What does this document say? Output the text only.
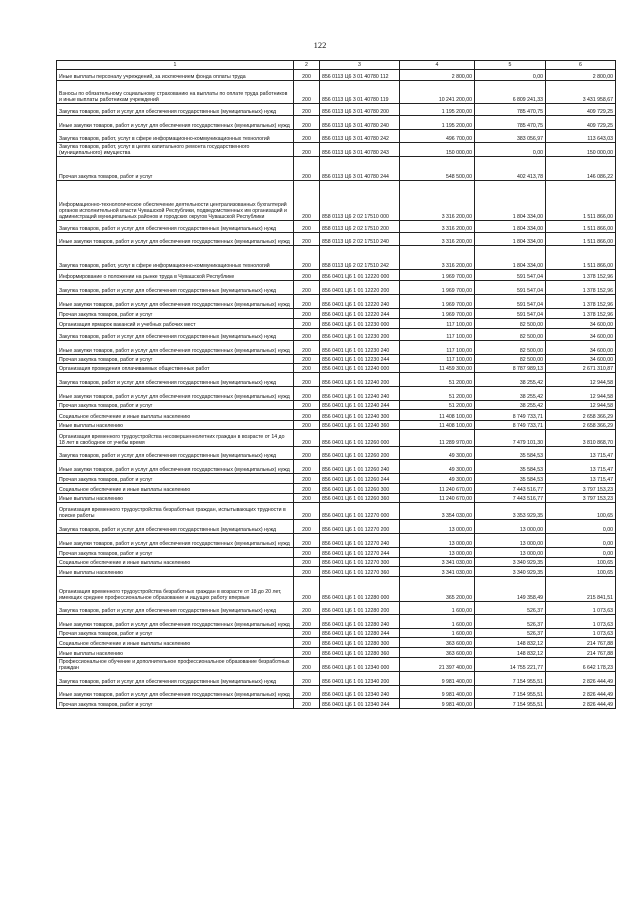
122
1	2	3	4	5	6
Иные выплаты персоналу учреждений, за исключением фонда оплаты труда	200	856 0113 Ц6 3 01 40780 112	2 800,00	0,00	2 800,00
Взносы по обязательному социальному страхованию на выплаты по оплате труда работников и иные выплаты работникам учреждений	200	856 0113 Ц6 3 01 40780 119	10 241 200,00	6 809 241,33	3 431 958,67
Закупка товаров, работ и услуг для обеспечения государственных (муниципальных) нужд	200	856 0113 Ц6 3 01 40780 200	1 195 200,00	785 470,75	409 729,25
Иные закупки товаров, работ и услуг для обеспечения государственных (муниципальных) нужд	200	856 0113 Ц6 3 01 40780 240	1 195 200,00	785 470,75	409 729,25
Закупка товаров, работ, услуг в сфере информационно-коммуникационных технологий	200	856 0113 Ц6 3 01 40780 242	496 700,00	383 056,97	113 643,03
Закупка товаров, работ, услуг в целях капитального ремонта государственного (муниципального) имущества	200	856 0113 Ц6 3 01 40780 243	150 000,00	0,00	150 000,00
Прочая закупка товаров, работ и услуг	200	856 0113 Ц6 3 01 40780 244	548 500,00	402 413,78	146 086,22
Информационно-технологическое обеспечение деятельности централизованных бухгалтерий органов исполнительной власти Чувашской Республики, подведомственных им организаций и администраций муниципальных районов и городских округов Чувашской Республики	200	858 0113 Ц6 2 02 17510 000	3 316 200,00	1 804 334,00	1 511 866,00
Закупка товаров, работ и услуг для обеспечения государственных (муниципальных) нужд	200	858 0113 Ц6 2 02 17510 200	3 316 200,00	1 804 334,00	1 511 866,00
Иные закупки товаров, работ и услуг для обеспечения государственных (муниципальных) нужд	200	858 0113 Ц6 2 02 17510 240	3 316 200,00	1 804 334,00	1 511 866,00
Закупка товаров, работ, услуг в сфере информационно-коммуникационных технологий	200	858 0113 Ц6 2 02 17510 242	3 316 200,00	1 804 334,00	1 511 866,00
Информирование о положении на рынке труда в Чувашской Республике	200	856 0401 Ц6 1 01 12220 000	1 969 700,00	591 547,04	1 378 152,96
Закупка товаров, работ и услуг для обеспечения государственных (муниципальных) нужд	200	856 0401 Ц6 1 01 12220 200	1 969 700,00	591 547,04	1 378 152,96
Иные закупки товаров, работ и услуг для обеспечения государственных (муниципальных) нужд	200	856 0401 Ц6 1 01 12220 240	1 969 700,00	591 547,04	1 378 152,96
Прочая закупка товаров, работ и услуг	200	856 0401 Ц6 1 01 12220 244	1 969 700,00	591 547,04	1 378 152,96
Организация ярмарок вакансий и учебных рабочих мест	200	856 0401 Ц6 1 01 12230 000	117 100,00	82 500,00	34 600,00
Закупка товаров, работ и услуг для обеспечения государственных (муниципальных) нужд	200	856 0401 Ц6 1 01 12230 200	117 100,00	82 500,00	34 600,00
Иные закупки товаров, работ и услуг для обеспечения государственных (муниципальных) нужд	200	856 0401 Ц6 1 01 12230 240	117 100,00	82 500,00	34 600,00
Прочая закупка товаров, работ и услуг	200	856 0401 Ц6 1 01 12230 244	117 100,00	82 500,00	34 600,00
Организация проведения оплачиваемых общественных работ	200	856 0401 Ц6 1 01 12240 000	11 459 300,00	8 787 989,13	2 671 310,87
Закупка товаров, работ и услуг для обеспечения государственных (муниципальных) нужд	200	856 0401 Ц6 1 01 12240 200	51 200,00	38 255,42	12 944,58
Иные закупки товаров, работ и услуг для обеспечения государственных (муниципальных) нужд	200	856 0401 Ц6 1 01 12240 240	51 200,00	38 255,42	12 944,58
Прочая закупка товаров, работ и услуг	200	856 0401 Ц6 1 01 12240 244	51 200,00	38 255,42	12 944,58
Социальное обеспечение и иные выплаты населению	200	856 0401 Ц6 1 01 12240 300	11 408 100,00	8 749 733,71	2 658 366,29
Иные выплаты населению	200	856 0401 Ц6 1 01 12240 360	11 408 100,00	8 749 733,71	2 658 366,29
Организация временного трудоустройства несовершеннолетних граждан в возрасте от 14 до 18 лет в свободное от учебы время	200	856 0401 Ц6 1 01 12260 000	11 289 970,00	7 479 101,30	3 810 868,70
Закупка товаров, работ и услуг для обеспечения государственных (муниципальных) нужд	200	856 0401 Ц6 1 01 12260 200	49 300,00	35 584,53	13 715,47
Иные закупки товаров, работ и услуг для обеспечения государственных (муниципальных) нужд	200	856 0401 Ц6 1 01 12260 240	49 300,00	35 584,53	13 715,47
Прочая закупка товаров, работ и услуг	200	856 0401 Ц6 1 01 12260 244	49 300,00	35 584,53	13 715,47
Социальное обеспечение и иные выплаты населению	200	856 0401 Ц6 1 01 12260 300	11 240 670,00	7 443 516,77	3 797 153,23
Иные выплаты населению	200	856 0401 Ц6 1 01 12260 360	11 240 670,00	7 443 516,77	3 797 153,23
Организация временного трудоустройства безработных граждан, испытывающих трудности в поиске работы	200	856 0401 Ц6 1 01 12270 000	3 354 030,00	3 353 929,35	100,65
Закупка товаров, работ и услуг для обеспечения государственных (муниципальных) нужд	200	856 0401 Ц6 1 01 12270 200	13 000,00	13 000,00	0,00
Иные закупки товаров, работ и услуг для обеспечения государственных (муниципальных) нужд	200	856 0401 Ц6 1 01 12270 240	13 000,00	13 000,00	0,00
Прочая закупка товаров, работ и услуг	200	856 0401 Ц6 1 01 12270 244	13 000,00	13 000,00	0,00
Социальное обеспечение и иные выплаты населению	200	856 0401 Ц6 1 01 12270 300	3 341 030,00	3 340 929,35	100,65
Иные выплаты населению	200	856 0401 Ц6 1 01 12270 360	3 341 030,00	3 340 929,35	100,65
Организация временного трудоустройства безработных граждан в возрасте от 18 до 20 лет, имеющих среднее профессиональное образование и ищущих работу впервые	200	856 0401 Ц6 1 01 12280 000	365 200,00	149 358,49	215 841,51
Закупка товаров, работ и услуг для обеспечения государственных (муниципальных) нужд	200	856 0401 Ц6 1 01 12280 200	1 600,00	526,37	1 073,63
Иные закупки товаров, работ и услуг для обеспечения государственных (муниципальных) нужд	200	856 0401 Ц6 1 01 12280 240	1 600,00	526,37	1 073,63
Прочая закупка товаров, работ и услуг	200	856 0401 Ц6 1 01 12280 244	1 600,00	526,37	1 073,63
Социальное обеспечение и иные выплаты населению	200	856 0401 Ц6 1 01 12280 300	363 600,00	148 832,12	214 767,88
Иные выплаты населению	200	856 0401 Ц6 1 01 12280 360	363 600,00	148 832,12	214 767,88
Профессиональное обучение и дополнительное профессиональное образование безработных граждан	200	856 0401 Ц6 1 01 12340 000	21 397 400,00	14 755 221,77	6 642 178,23
Закупка товаров, работ и услуг для обеспечения государственных (муниципальных) нужд	200	856 0401 Ц6 1 01 12340 200	9 981 400,00	7 154 955,51	2 826 444,49
Иные закупки товаров, работ и услуг для обеспечения государственных (муниципальных) нужд	200	856 0401 Ц6 1 01 12340 240	9 981 400,00	7 154 955,51	2 826 444,49
Прочая закупка товаров, работ и услуг	200	856 0401 Ц6 1 01 12340 244	9 981 400,00	7 154 955,51	2 826 444,49
